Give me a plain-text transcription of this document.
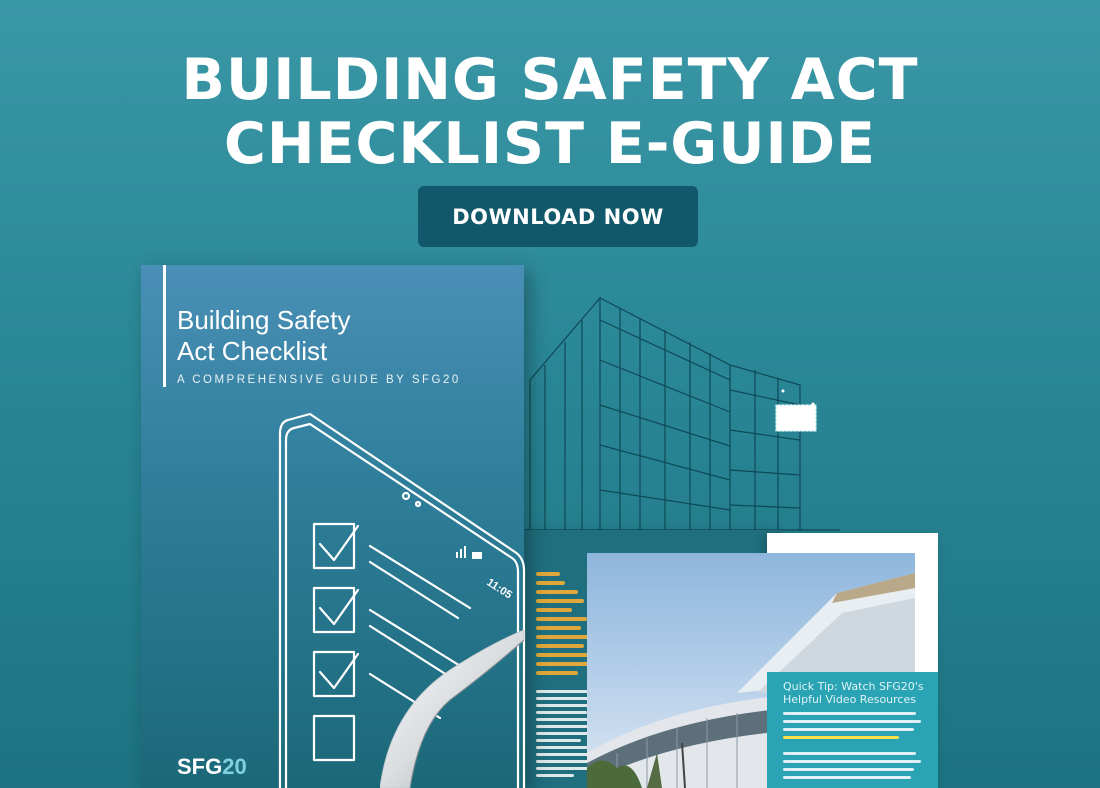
BUILDING SAFETY ACT
CHECKLIST E-GUIDE
DOWNLOAD NOW
Quick Tip: Watch SFG20's
Helpful Video Resources
Building Safety
Act Checklist
A COMPREHENSIVE GUIDE BY SFG20
SFG20
11:05
